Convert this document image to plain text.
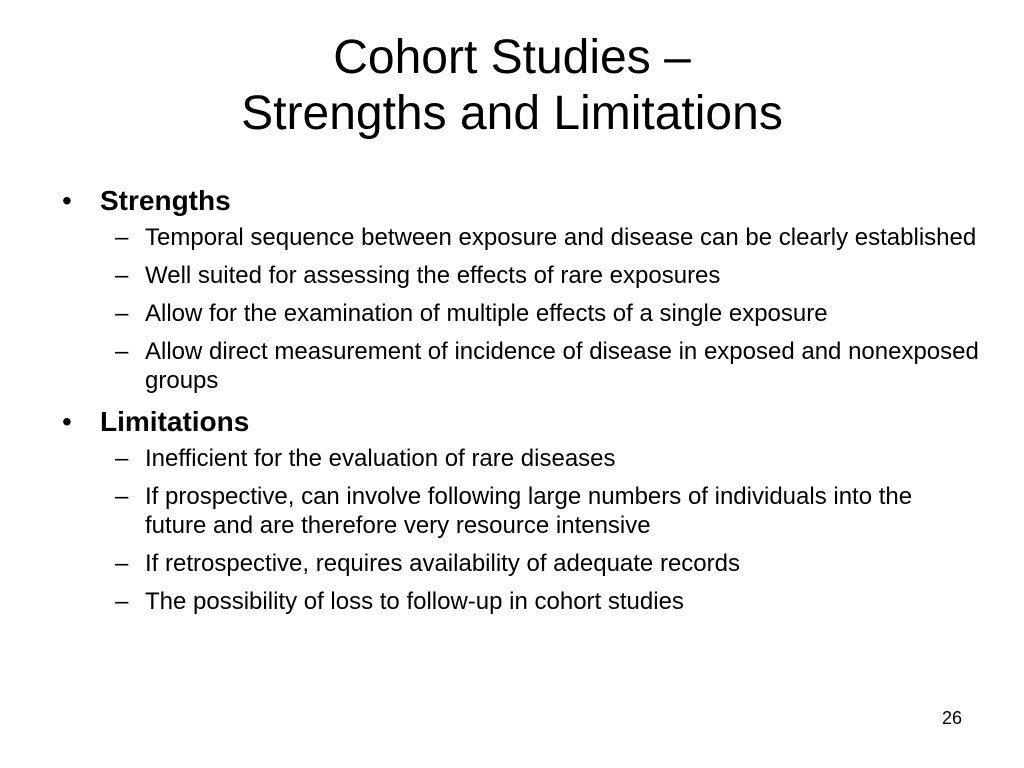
Cohort Studies –
Strengths and Limitations
• Strengths
– Temporal sequence between exposure and disease can be clearly established
– Well suited for assessing the effects of rare exposures
– Allow for the examination of multiple effects of a single exposure
– Allow direct measurement of incidence of disease in exposed and nonexposed groups
• Limitations
– Inefficient for the evaluation of rare diseases
– If prospective, can involve following large numbers of individuals into the future and are therefore very resource intensive
– If retrospective, requires availability of adequate records
– The possibility of loss to follow-up in cohort studies
26
